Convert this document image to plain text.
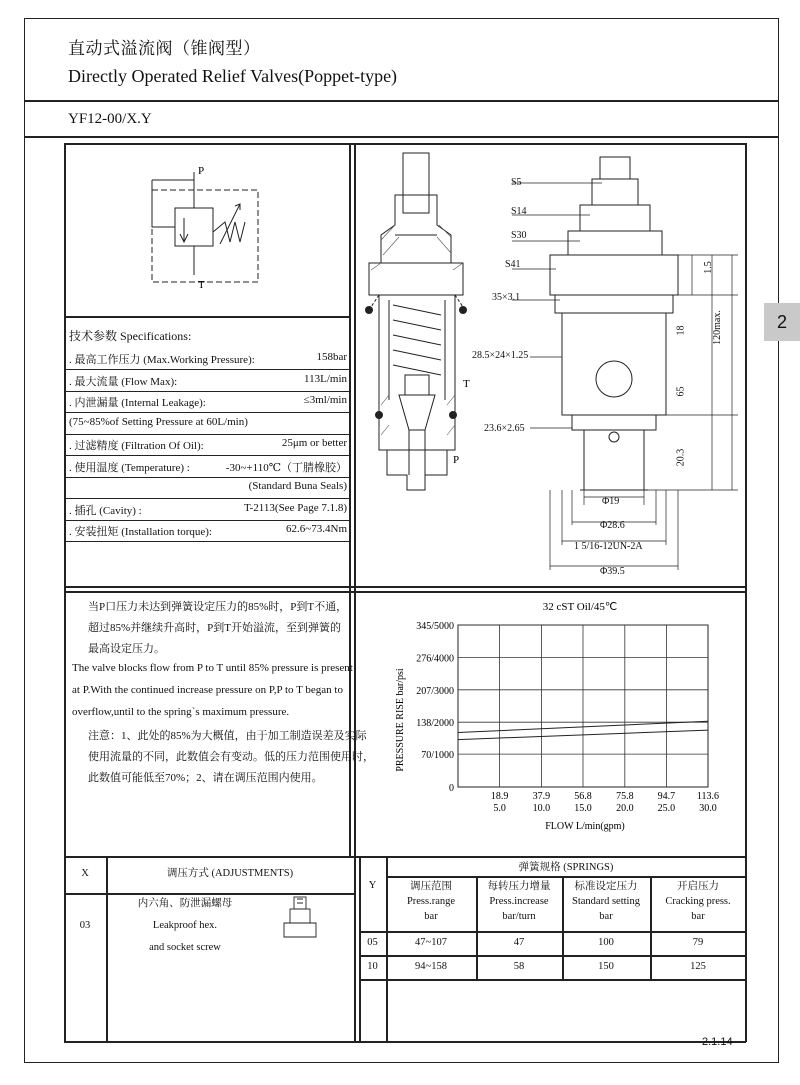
直动式溢流阀（锥阀型）
Directly Operated Relief Valves(Poppet-type)
YF12-00/X.Y
2
P
T
技术参数 Specifications:
. 最高工作压力 (Max.Working Pressure):	158bar
. 最大流量 (Flow Max):	113L/min
. 内泄漏量 (Internal Leakage):	≤3ml/min
(75~85%of Setting Pressure at 60L/min)
. 过滤精度 (Filtration Of Oil):	25μm or better
. 使用温度 (Temperature) :	-30~+110℃（丁腈橡胶）
(Standard Buna Seals)
. 插孔 (Cavity) :	T-2113(See Page 7.1.8)
. 安装扭矩 (Installation torque):	62.6~73.4Nm
T
P
S5
S14
S30
S41
35×3.1
28.5×24×1.25
23.6×2.65
Φ19
Φ28.6
1 5/16-12UN-2A
Φ39.5
1.5
18
65
20.3
120max.
当P口压力未达到弹簧设定压力的85%时，P到T不通，
超过85%并继续升高时，P到T开始溢流，至到弹簧的
最高设定压力。
The valve blocks flow from P to T until 85% pressure is present
at P.With the continued increase pressure on P,P to T began to
overflow,until to the spring`s maximum pressure.
注意：1、此处的85%为大概值，由于加工制造误差及实际
使用流量的不同，此数值会有变动。低的压力范围使用时，
此数值可能低至70%；2、请在调压范围内使用。
32 cST Oil/45℃
PRESSURE RISE bar/psi
FLOW L/min(gpm)
345/5000
276/4000
207/3000
138/2000
70/1000
0
18.9
5.0
37.9
10.0
56.8
15.0
75.8
20.0
94.7
25.0
113.6
30.0
X	调压方式 (ADJUSTMENTS)
03
内六角、防泄漏螺母
Leakproof hex.
and socket screw
Y
弹簧规格 (SPRINGS)
调压范围
Press.range
bar
每转压力增量
Press.increase
bar/turn
标准设定压力
Standard setting
bar
开启压力
Cracking press.
bar
05	47~107	47	100	79
10	94~158	58	150	125
2.1.14
